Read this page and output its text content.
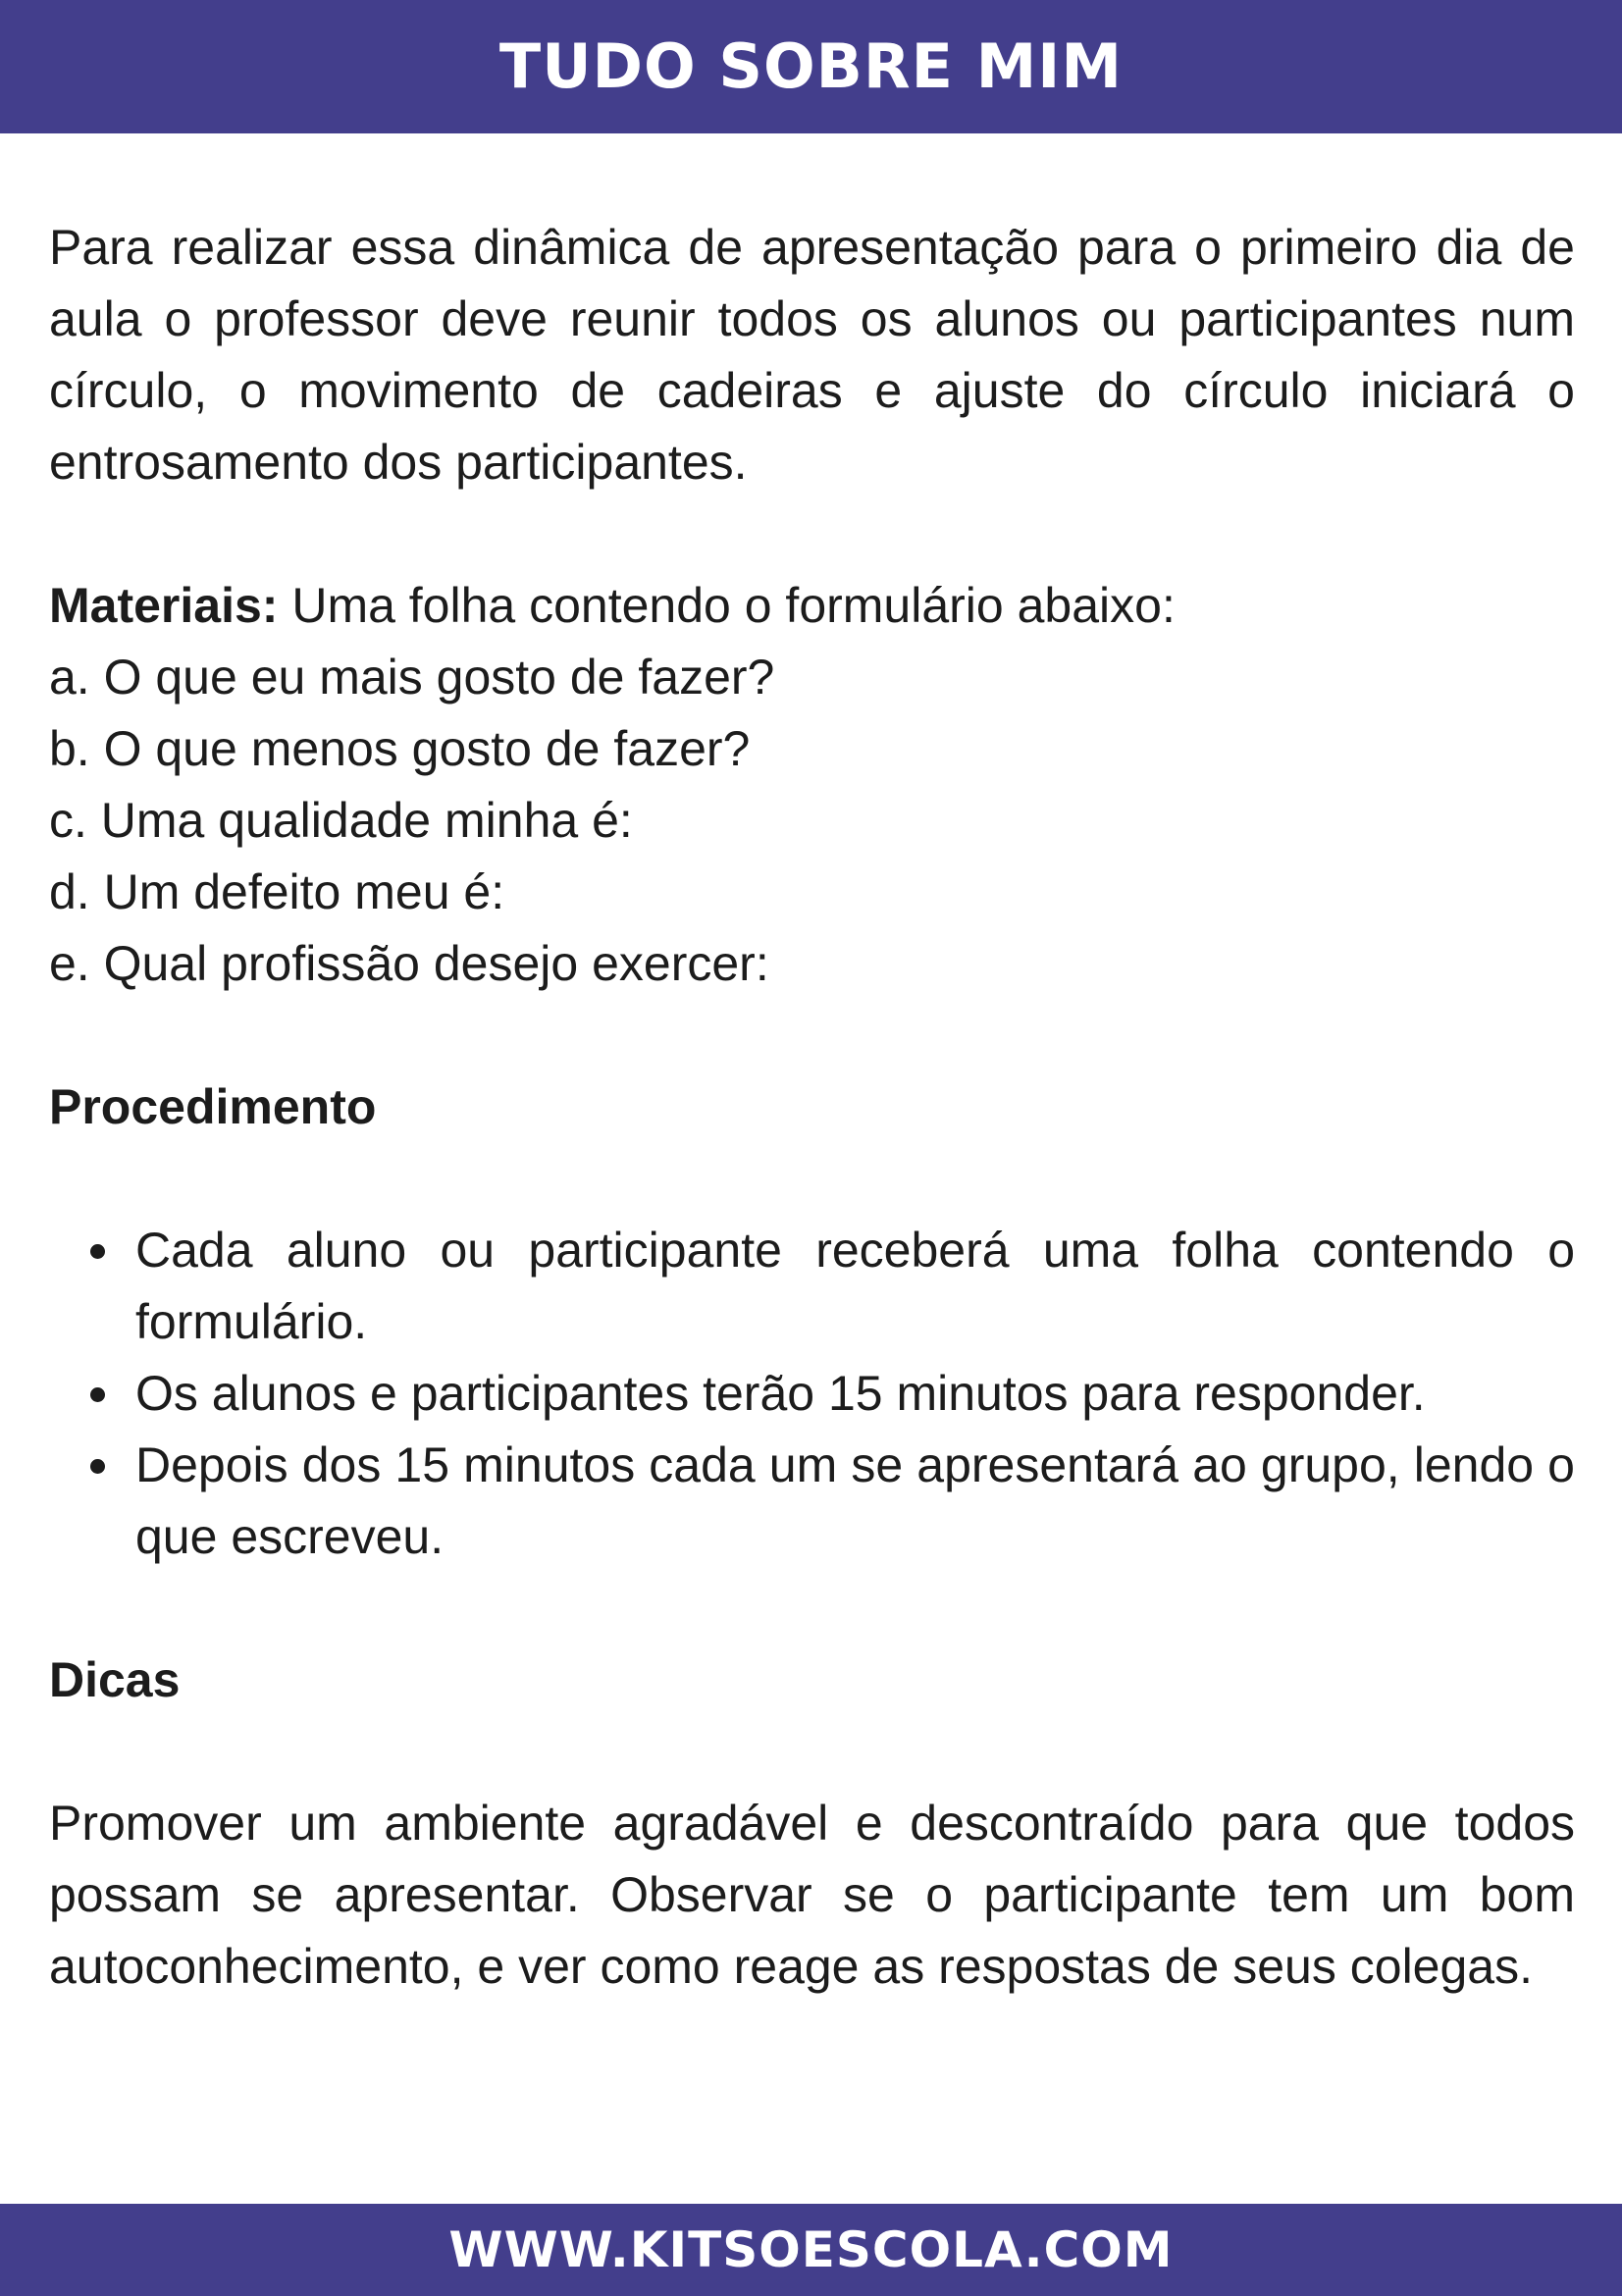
TUDO SOBRE MIM

Para realizar essa dinâmica de apresentação para o primeiro dia de aula o professor deve reunir todos os alunos ou participantes num círculo, o movimento de cadeiras e ajuste do círculo iniciará o entrosamento dos participantes.

Materiais: Uma folha contendo o formulário abaixo:

a. O que eu mais gosto de fazer?

b. O que menos gosto de fazer?

c. Uma qualidade minha é:

d. Um defeito meu é:

e. Qual profissão desejo exercer:

Procedimento

Cada aluno ou participante receberá uma folha contendo o formulário.
Os alunos e participantes terão 15 minutos para responder.
Depois dos 15 minutos cada um se apresentará ao grupo, lendo o que escreveu.

Dicas

Promover um ambiente agradável e descontraído para que todos possam se apresentar. Observar se o participante tem um bom autoconhecimento, e ver como reage as respostas de seus colegas.

WWW.KITSOESCOLA.COM
